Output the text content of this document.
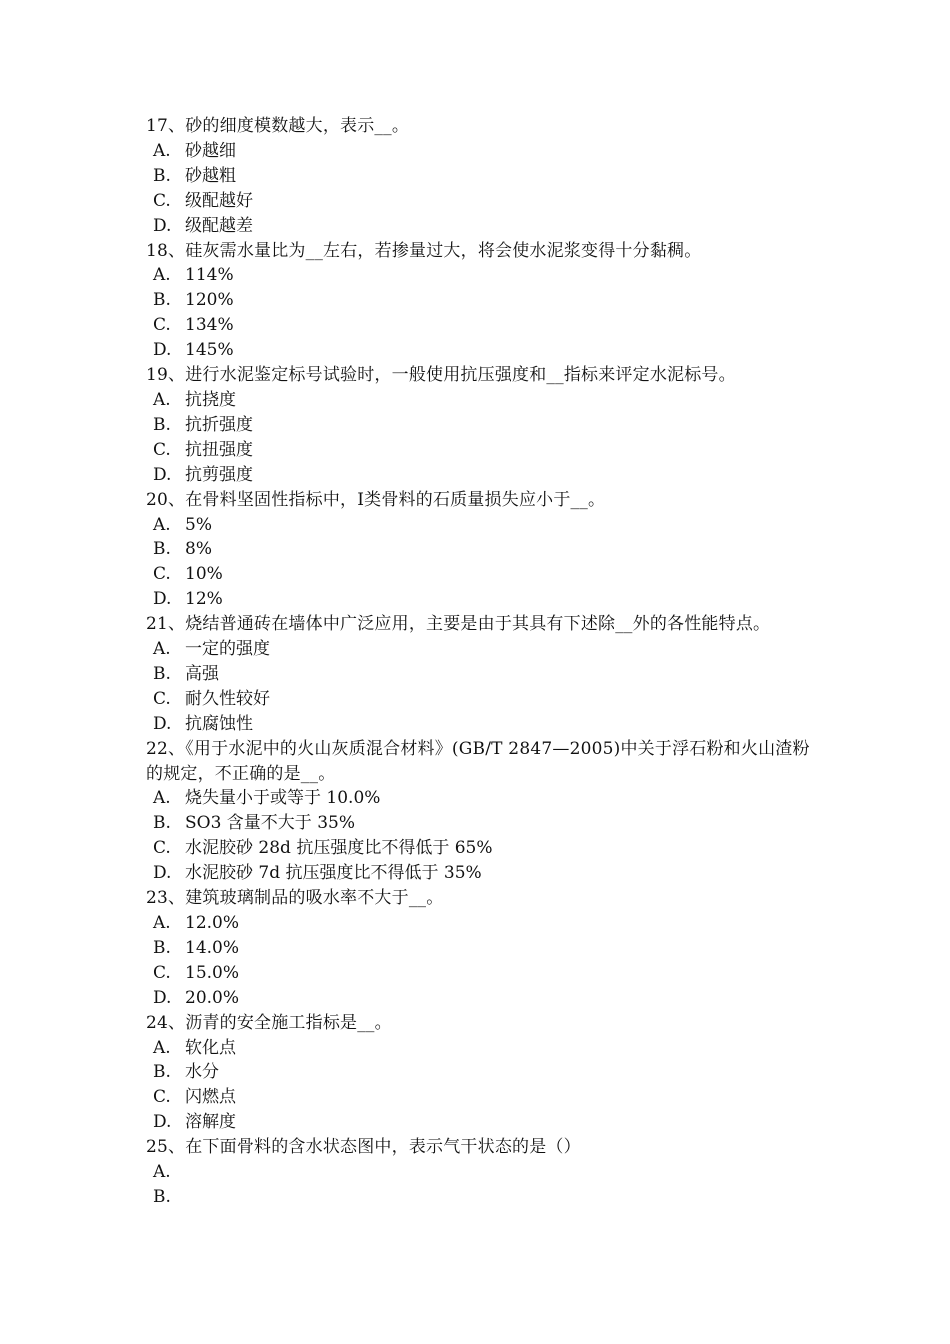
17、砂的细度模数越大，表示__。
A. 砂越细
B. 砂越粗
C. 级配越好
D. 级配越差
18、硅灰需水量比为__左右，若掺量过大，将会使水泥浆变得十分黏稠。
A. 114%
B. 120%
C. 134%
D. 145%
19、进行水泥鉴定标号试验时，一般使用抗压强度和__指标来评定水泥标号。
A. 抗挠度
B. 抗折强度
C. 抗扭强度
D. 抗剪强度
20、在骨料坚固性指标中，Ⅰ类骨料的石质量损失应小于__。
A. 5%
B. 8%
C. 10%
D. 12%
21、烧结普通砖在墙体中广泛应用，主要是由于其具有下述除__外的各性能特点。
A. 一定的强度
B. 高强
C. 耐久性较好
D. 抗腐蚀性
22、《用于水泥中的火山灰质混合材料》(GB/T 2847—2005)中关于浮石粉和火山渣粉的规定，不正确的是__。
A. 烧失量小于或等于 10.0%
B. SO3 含量不大于 35%
C. 水泥胶砂 28d 抗压强度比不得低于 65%
D. 水泥胶砂 7d 抗压强度比不得低于 35%
23、建筑玻璃制品的吸水率不大于__。
A. 12.0%
B. 14.0%
C. 15.0%
D. 20.0%
24、沥青的安全施工指标是__。
A. 软化点
B. 水分
C. 闪燃点
D. 溶解度
25、在下面骨料的含水状态图中，表示气干状态的是（）
A.
B.
